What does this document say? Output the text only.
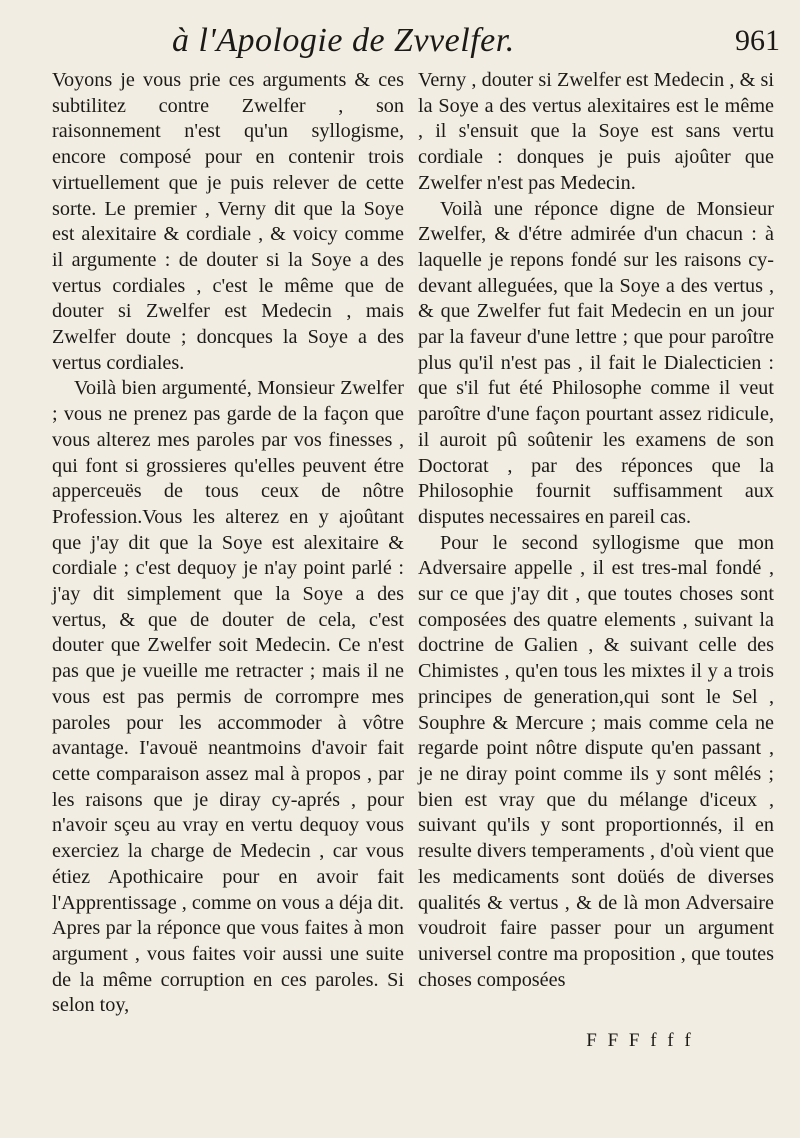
à l'Apologie de Zvvelfer.	961

Voyons je vous prie ces arguments & ces subtilitez contre Zwelfer , son raisonnement n'est qu'un syllogisme, encore composé pour en contenir trois virtuellement que je puis relever de cette sorte. Le premier , Verny dit que la Soye est alexitaire & cordiale , & voicy comme il argumente : de douter si la Soye a des vertus cordiales , c'est le même que de douter si Zwelfer est Medecin , mais Zwelfer doute ; doncques la Soye a des vertus cordiales.

Voilà bien argumenté, Monsieur Zwelfer ; vous ne prenez pas garde de la façon que vous alterez mes paroles par vos finesses , qui font si grossieres qu'elles peuvent étre apperceuës de tous ceux de nôtre Profession.Vous les alterez en y ajoûtant que j'ay dit que la Soye est alexitaire & cordiale ; c'est dequoy je n'ay point parlé : j'ay dit simplement que la Soye a des vertus, & que de douter de cela, c'est douter que Zwelfer soit Medecin. Ce n'est pas que je vueille me retracter ; mais il ne vous est pas permis de corrompre mes paroles pour les accommoder à vôtre avantage. I'avouë neantmoins d'avoir fait cette comparaison assez mal à propos , par les raisons que je diray cy-aprés , pour n'avoir sçeu au vray en vertu dequoy vous exerciez la charge de Medecin , car vous étiez Apothicaire pour en avoir fait l'Apprentissage , comme on vous a déja dit. Apres par la réponce que vous faites à mon argument , vous faites voir aussi une suite de la même corruption en ces paroles. Si selon toy,

Verny , douter si Zwelfer est Medecin , & si la Soye a des vertus alexitaires est le même , il s'ensuit que la Soye est sans vertu cordiale : donques je puis ajoûter que Zwelfer n'est pas Medecin.

Voilà une réponce digne de Monsieur Zwelfer, & d'étre admirée d'un chacun : à laquelle je repons fondé sur les raisons cy-devant alleguées, que la Soye a des vertus , & que Zwelfer fut fait Medecin en un jour par la faveur d'une lettre ; que pour paroître plus qu'il n'est pas , il fait le Dialecticien : que s'il fut été Philosophe comme il veut paroître d'une façon pourtant assez ridicule, il auroit pû soûtenir les examens de son Doctorat , par des réponces que la Philosophie fournit suffisamment aux disputes necessaires en pareil cas.

Pour le second syllogisme que mon Adversaire appelle , il est tres-mal fondé , sur ce que j'ay dit , que toutes choses sont composées des quatre elements , suivant la doctrine de Galien , & suivant celle des Chimistes , qu'en tous les mixtes il y a trois principes de generation,qui sont le Sel , Souphre & Mercure ; mais comme cela ne regarde point nôtre dispute qu'en passant , je ne diray point comme ils y sont mêlés ; bien est vray que du mélange d'iceux , suivant qu'ils y sont proportionnés, il en resulte divers temperaments , d'où vient que les medicaments sont doüés de diverses qualités & vertus , & de là mon Adversaire voudroit faire passer pour un argument universel contre ma proposition , que toutes choses composées

F F F f f f
